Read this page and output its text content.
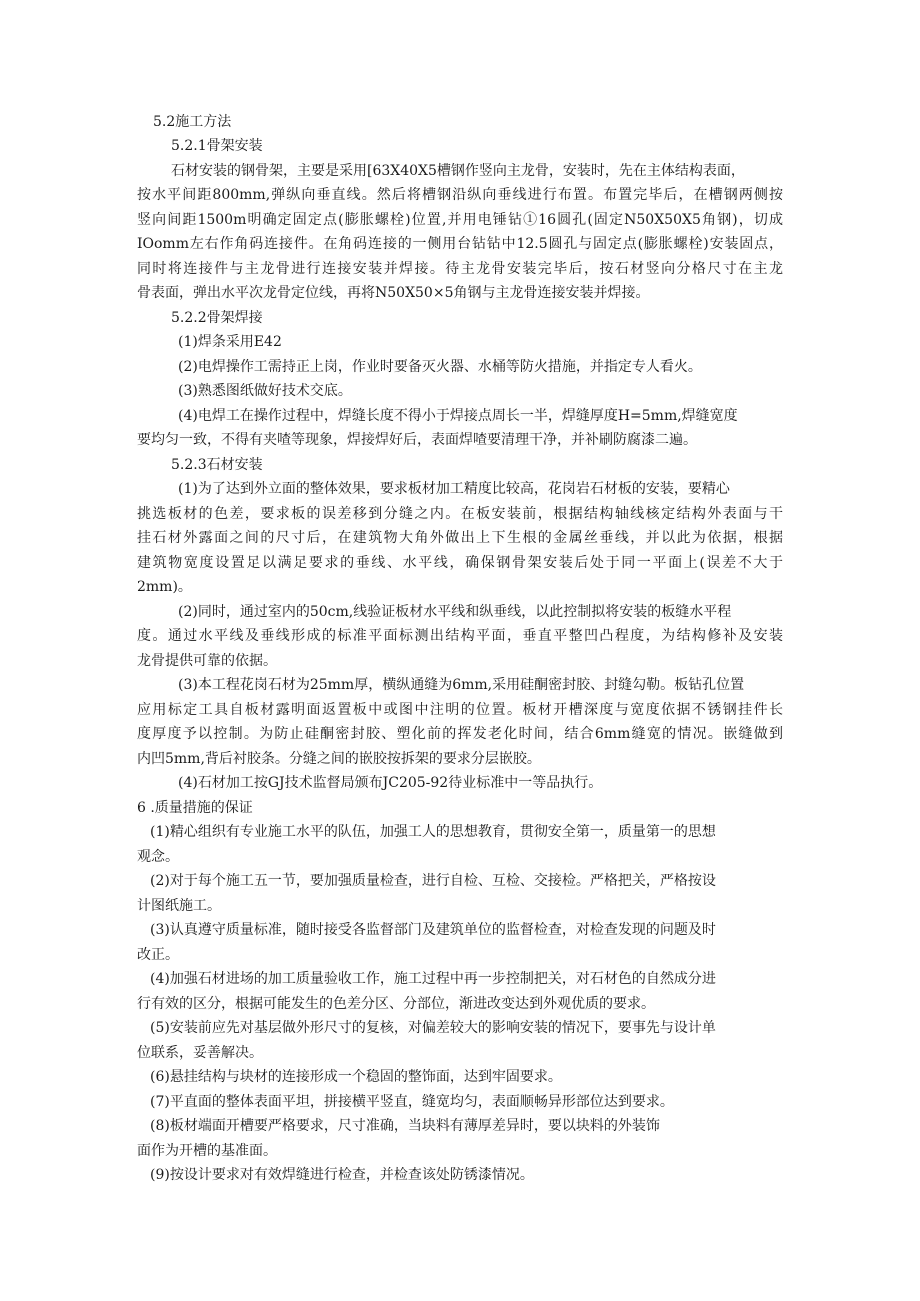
5.2施工方法
5.2.1骨架安装
石材安装的钢骨架，主要是采用[63X40X5槽钢作竖向主龙骨，安装时，先在主体结构表面，
按水平间距800mm,弹纵向垂直线。然后将槽钢沿纵向垂线进行布置。布置完毕后，在槽钢两侧按
竖向间距1500m明确定固定点(膨胀螺栓)位置,并用电锤钻①16圆孔(固定N50X50X5角钢)，切成
IOomm左右作角码连接件。在角码连接的一侧用台钻钻中12.5圆孔与固定点(膨胀螺栓)安装固点，
同时将连接件与主龙骨进行连接安装并焊接。待主龙骨安装完毕后，按石材竖向分格尺寸在主龙
骨表面，弹出水平次龙骨定位线，再将N50X50×5角钢与主龙骨连接安装并焊接。
5.2.2骨架焊接
(1)焊条采用E42
(2)电焊操作工需持正上岗，作业时要备灭火器、水桶等防火措施，并指定专人看火。
(3)熟悉图纸做好技术交底。
(4)电焊工在操作过程中，焊缝长度不得小于焊接点周长一半，焊缝厚度H=5mm,焊缝宽度
要均匀一致，不得有夹喳等现象，焊接焊好后，表面焊喳要清理干净，并补刷防腐漆二遍。
5.2.3石材安装
(1)为了达到外立面的整体效果，要求板材加工精度比较高，花岗岩石材板的安装，要精心
挑选板材的色差，要求板的误差移到分缝之内。在板安装前，根据结构轴线核定结构外表面与干
挂石材外露面之间的尺寸后，在建筑物大角外做出上下生根的金属丝垂线，并以此为依据，根据
建筑物宽度设置足以满足要求的垂线、水平线，确保钢骨架安装后处于同一平面上(误差不大于
2mm)。
(2)同时，通过室内的50cm,线验证板材水平线和纵垂线，以此控制拟将安装的板缝水平程
度。通过水平线及垂线形成的标准平面标测出结构平面，垂直平整凹凸程度，为结构修补及安装
龙骨提供可靠的依据。
(3)本工程花岗石材为25mm厚，横纵通缝为6mm,采用硅酮密封胶、封缝勾勒。板钻孔位置
应用标定工具自板材露明面返置板中或图中注明的位置。板材开槽深度与宽度依据不锈钢挂件长
度厚度予以控制。为防止硅酮密封胶、塑化前的挥发老化时间，结合6mm缝宽的情况。嵌缝做到
内凹5mm,背后衬胶条。分缝之间的嵌胶按拆架的要求分层嵌胶。
(4)石材加工按GJ技术监督局颁布JC205-92待业标准中一等品执行。
6 .质量措施的保证
(1)精心组织有专业施工水平的队伍，加强工人的思想教育，贯彻安全第一，质量第一的思想
观念。
(2)对于每个施工五一节，要加强质量检查，进行自检、互检、交接检。严格把关，严格按设
计图纸施工。
(3)认真遵守质量标准，随时接受各监督部门及建筑单位的监督检查，对检查发现的问题及时
改正。
(4)加强石材进场的加工质量验收工作，施工过程中再一步控制把关，对石材色的自然成分进
行有效的区分，根据可能发生的色差分区、分部位，渐进改变达到外观优质的要求。
(5)安装前应先对基层做外形尺寸的复核，对偏差较大的影响安装的情况下，要事先与设计单
位联系，妥善解决。
(6)悬挂结构与块材的连接形成一个稳固的整饰面，达到牢固要求。
(7)平直面的整体表面平坦，拼接横平竖直，缝宽均匀，表面顺畅异形部位达到要求。
(8)板材端面开槽要严格要求，尺寸准确，当块料有薄厚差异时，要以块料的外装饰
面作为开槽的基准面。
(9)按设计要求对有效焊缝进行检查，并检查该处防锈漆情况。
